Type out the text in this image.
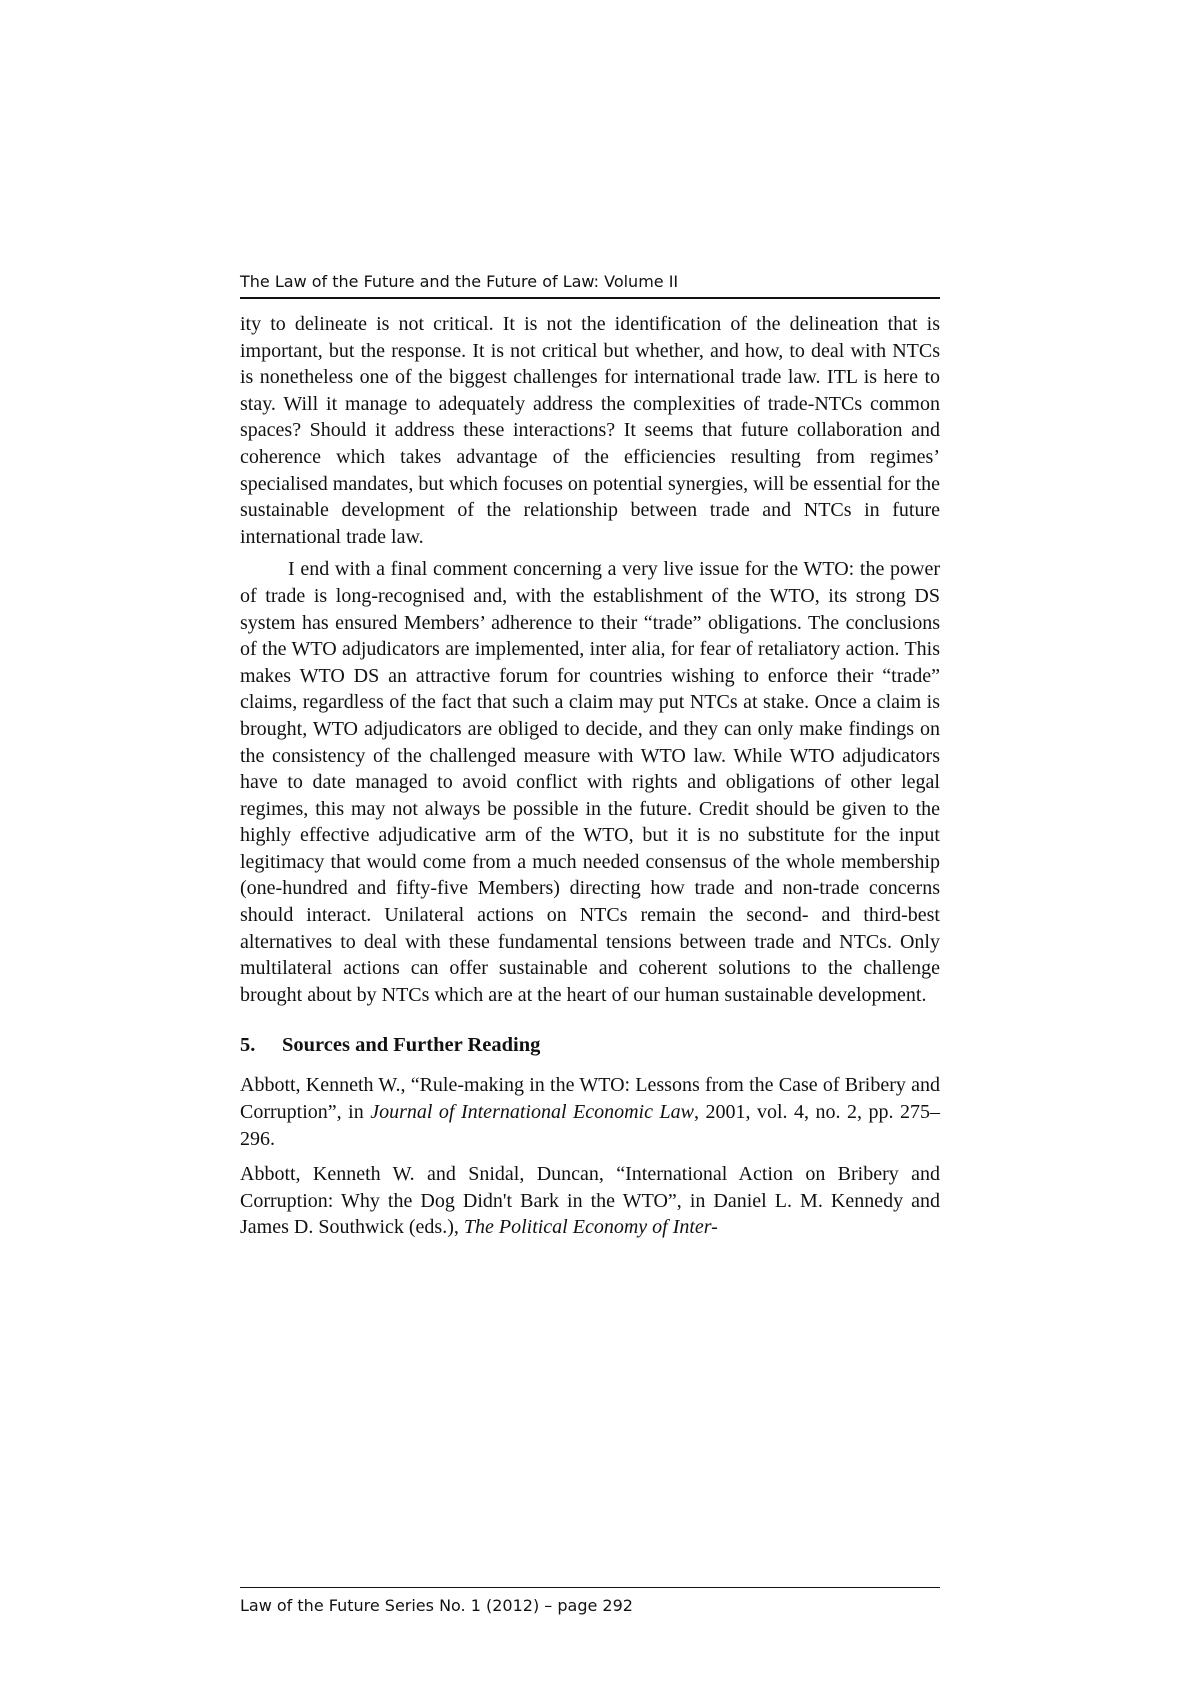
The Law of the Future and the Future of Law: Volume II

ity to delineate is not critical. It is not the identification of the delineation that is important, but the response. It is not critical but whether, and how, to deal with NTCs is nonetheless one of the biggest challenges for international trade law. ITL is here to stay. Will it manage to adequately address the complexities of trade-NTCs common spaces? Should it address these interactions? It seems that future collaboration and coherence which takes advantage of the efficiencies resulting from regimes’ specialised mandates, but which focuses on potential synergies, will be essential for the sustainable development of the relationship between trade and NTCs in future international trade law.

I end with a final comment concerning a very live issue for the WTO: the power of trade is long-recognised and, with the establishment of the WTO, its strong DS system has ensured Members’ adherence to their “trade” obligations. The conclusions of the WTO adjudicators are implemented, inter alia, for fear of retaliatory action. This makes WTO DS an attractive forum for countries wishing to enforce their “trade” claims, regardless of the fact that such a claim may put NTCs at stake. Once a claim is brought, WTO adjudicators are obliged to decide, and they can only make findings on the consistency of the challenged measure with WTO law. While WTO adjudicators have to date managed to avoid conflict with rights and obligations of other legal regimes, this may not always be possible in the future. Credit should be given to the highly effective adjudicative arm of the WTO, but it is no substitute for the input legitimacy that would come from a much needed consensus of the whole membership (one-hundred and fifty-five Members) directing how trade and non-trade concerns should interact. Unilateral actions on NTCs remain the second- and third-best alternatives to deal with these fundamental tensions between trade and NTCs. Only multilateral actions can offer sustainable and coherent solutions to the challenge brought about by NTCs which are at the heart of our human sustainable development.

5. Sources and Further Reading

Abbott, Kenneth W., “Rule-making in the WTO: Lessons from the Case of Bribery and Corruption”, in Journal of International Economic Law, 2001, vol. 4, no. 2, pp. 275–296.

Abbott, Kenneth W. and Snidal, Duncan, “International Action on Bribery and Corruption: Why the Dog Didn't Bark in the WTO”, in Daniel L. M. Kennedy and James D. Southwick (eds.), The Political Economy of Inter-

Law of the Future Series No. 1 (2012) – page 292
